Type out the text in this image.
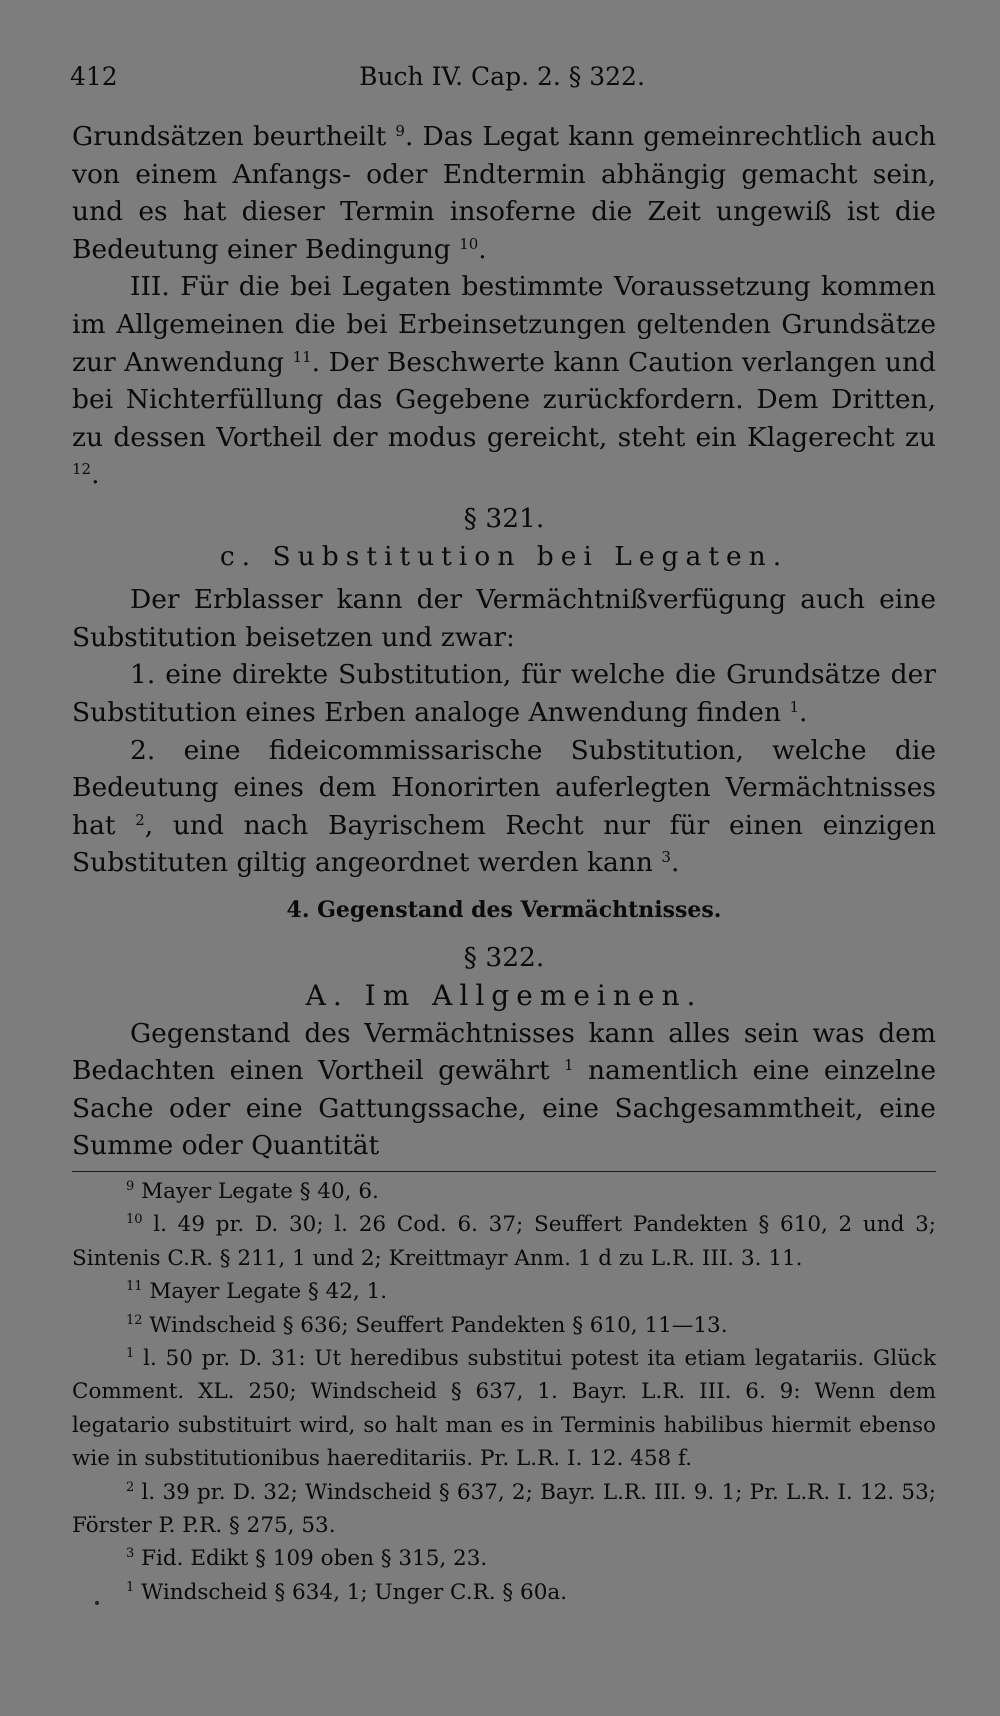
412	Buch IV. Cap. 2. § 322.

Grundsätzen beurtheilt $^9$. Das Legat kann gemeinrechtlich auch von einem Anfangs- oder Endtermin abhängig gemacht sein, und es hat dieser Termin insoferne die Zeit ungewiß ist die Bedeutung einer Bedingung $^{10}$.

III. Für die bei Legaten bestimmte Voraussetzung kommen im Allgemeinen die bei Erbeinsetzungen geltenden Grundsätze zur Anwendung $^{11}$. Der Beschwerte kann Caution verlangen und bei Nichterfüllung das Gegebene zurückfordern. Dem Dritten, zu dessen Vortheil der modus gereicht, steht ein Klagerecht zu $^{12}$.

§ 321.

c. Substitution bei Legaten.

Der Erblasser kann der Vermächtnißverfügung auch eine Substitution beisetzen und zwar:

1. eine direkte Substitution, für welche die Grundsätze der Substitution eines Erben analoge Anwendung finden $^1$.

2. eine fideicommissarische Substitution, welche die Bedeutung eines dem Honorirten auferlegten Vermächtnisses hat $^2$, und nach Bayrischem Recht nur für einen einzigen Substituten giltig angeordnet werden kann $^3$.

4. Gegenstand des Vermächtnisses.

§ 322.

A. Im Allgemeinen.

Gegenstand des Vermächtnisses kann alles sein was dem Bedachten einen Vortheil gewährt $^1$ namentlich eine einzelne Sache oder eine Gattungssache, eine Sachgesammtheit, eine Summe oder Quantität

$^9$ Mayer Legate § 40, 6.

$^{10}$ l. 49 pr. D. 30; l. 26 Cod. 6. 37; Seuffert Pandekten § 610, 2 und 3; Sintenis C.R. § 211, 1 und 2; Kreittmayr Anm. 1 d zu L.R. III. 3. 11.

$^{11}$ Mayer Legate § 42, 1.

$^{12}$ Windscheid § 636; Seuffert Pandekten § 610, 11—13.

$^1$ l. 50 pr. D. 31: Ut heredibus substitui potest ita etiam legatariis. Glück Comment. XL. 250; Windscheid § 637, 1. Bayr. L.R. III. 6. 9: Wenn dem legatario substituirt wird, so halt man es in Terminis habilibus hiermit ebenso wie in substitutionibus haereditariis. Pr. L.R. I. 12. 458 f.

$^2$ l. 39 pr. D. 32; Windscheid § 637, 2; Bayr. L.R. III. 9. 1; Pr. L.R. I. 12. 53; Förster P. P.R. § 275, 53.

$^3$ Fid. Edikt § 109 oben § 315, 23.

$^1$ Windscheid § 634, 1; Unger C.R. § 60a.
